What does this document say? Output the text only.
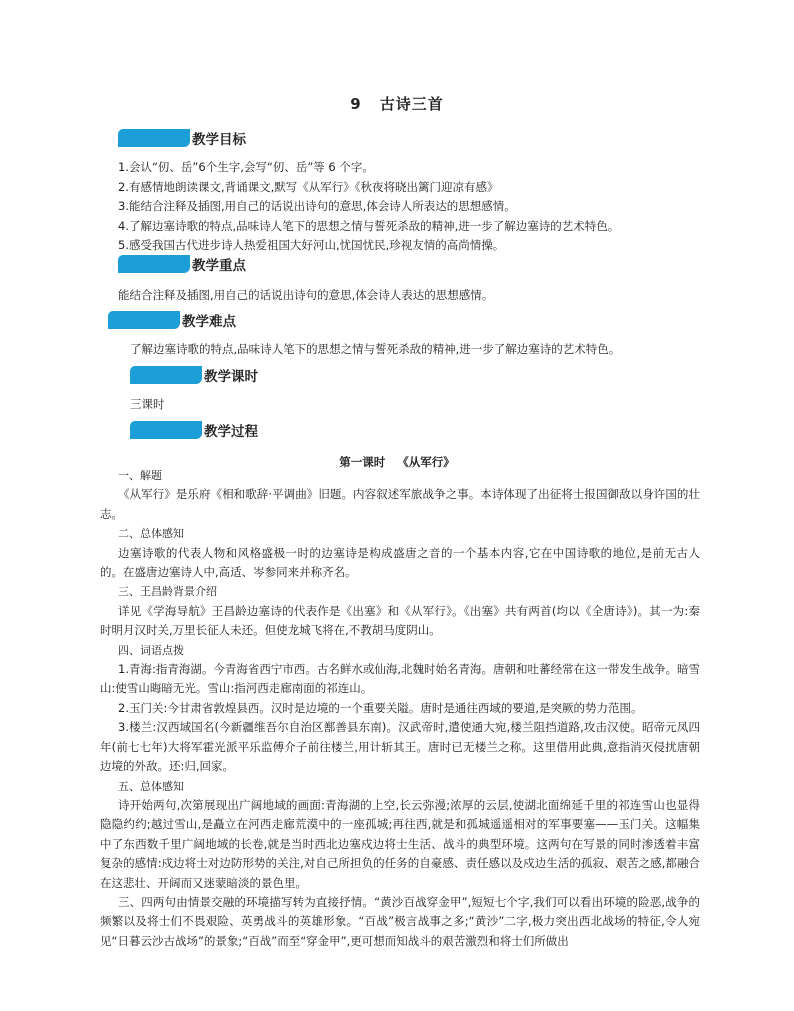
9 古诗三首
教学目标

1.会认“仞、岳”6个生字,会写“仞、岳”等 6 个字。

2.有感情地朗读课文,背诵课文,默写《从军行》《秋夜将晓出篱门迎凉有感》

3.能结合注释及插图,用自己的话说出诗句的意思,体会诗人所表达的思想感情。

4.了解边塞诗歌的特点,品味诗人笔下的思想之情与誓死杀敌的精神,进一步了解边塞诗的艺术特色。

5.感受我国古代进步诗人热爱祖国大好河山,忧国忧民,珍视友情的高尚情操。

教学重点

能结合注释及插图,用自己的话说出诗句的意思,体会诗人表达的思想感情。

教学难点

了解边塞诗歌的特点,品味诗人笔下的思想之情与誓死杀敌的精神,进一步了解边塞诗的艺术特色。

教学课时

三课时

教学过程
第一课时 《从军行》

一、解题

《从军行》是乐府《相和歌辞·平调曲》旧题。内容叙述军旅战争之事。本诗体现了出征将士报国御敌以身许国的壮志。

二、总体感知

边塞诗歌的代表人物和风格盛极一时的边塞诗是构成盛唐之音的一个基本内容,它在中国诗歌的地位,是前无古人的。在盛唐边塞诗人中,高适、岑参同来并称齐名。

三、王昌龄背景介绍

详见《学海导航》王昌龄边塞诗的代表作是《出塞》和《从军行》。《出塞》共有两首(均以《全唐诗》)。其一为:秦时明月汉时关,万里长征人未还。但使龙城飞将在,不教胡马度阴山。

四、词语点拨

1.青海:指青海湖。今青海省西宁市西。古名鲜水或仙海,北魏时始名青海。唐朝和吐蕃经常在这一带发生战争。暗雪山:使雪山晦暗无光。雪山:指河西走廊南面的祁连山。

2.玉门关:今甘肃省敦煌县西。汉时是边境的一个重要关隘。唐时是通往西域的要道,是突厥的势力范围。

3.楼兰:汉西域国名(今新疆维吾尔自治区鄯善县东南)。汉武帝时,遣使通大宛,楼兰阻挡道路,攻击汉使。昭帝元凤四年(前七七年)大将军霍光派平乐监傅介子前往楼兰,用计斩其王。唐时已无楼兰之称。这里借用此典,意指消灭侵扰唐朝边境的外敌。还:归,回家。

五、总体感知

诗开始两句,次第展现出广阔地域的画面:青海湖的上空,长云弥漫;浓厚的云层,使湖北面绵延千里的祁连雪山也显得隐隐约约;越过雪山,是矗立在河西走廊荒漠中的一座孤城;再往西,就是和孤城遥遥相对的军事要塞——玉门关。这幅集中了东西数千里广阔地域的长卷,就是当时西北边塞戍边将士生活、战斗的典型环境。这两句在写景的同时渗透着丰富复杂的感情:戍边将士对边防形势的关注,对自己所担负的任务的自豪感、责任感以及戍边生活的孤寂、艰苦之感,都融合在这悲壮、开阔而又迷蒙暗淡的景色里。

三、四两句由情景交融的环境描写转为直接抒情。“黄沙百战穿金甲”,短短七个字,我们可以看出环境的险恶,战争的频繁以及将士们不畏艰险、英勇战斗的英雄形象。“百战”极言战事之多;“黄沙”二字,极力突出西北战场的特征,令人宛见“日暮云沙古战场”的景象;“百战”而至“穿金甲”,更可想而知战斗的艰苦激烈和将士们所做出
